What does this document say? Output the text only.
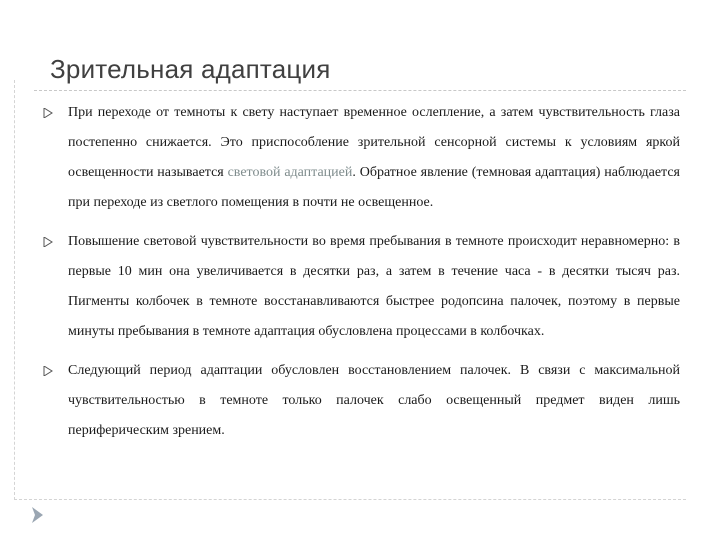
Зрительная адаптация
При переходе от темноты к свету наступает временное ослепление, а затем чувствительность глаза постепенно снижается. Это приспособление зрительной сенсорной системы к условиям яркой освещенности называется световой адаптацией. Обратное явление (темновая адаптация) наблюдается при переходе из светлого помещения в почти не освещенное.
Повышение световой чувствительности во время пребывания в темноте происходит неравномерно: в первые 10 мин она увеличивается в десятки раз, а затем в течение часа - в десятки тысяч раз. Пигменты колбочек в темноте восстанавливаются быстрее родопсина палочек, поэтому в первые минуты пребывания в темноте адаптация обусловлена процессами в колбочках.
Следующий период адаптации обусловлен восстановлением палочек. В связи с максимальной чувствительностью в темноте только палочек слабо освещенный предмет виден лишь периферическим зрением.
